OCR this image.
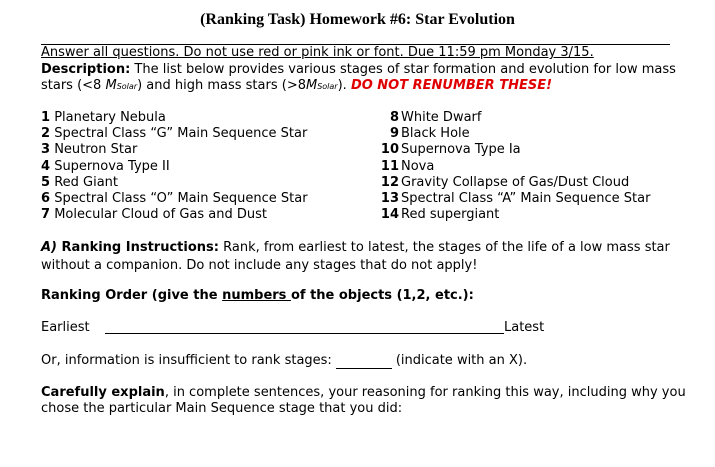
(Ranking Task) Homework #6: Star Evolution
Answer all questions. Do not use red or pink ink or font. Due 11:59 pm Monday 3/15.
Description: The list below provides various stages of star formation and evolution for low mass stars (<8 MSolar) and high mass stars (>8MSolar). DO NOT RENUMBER THESE!
1 Planetary Nebula
2 Spectral Class “G” Main Sequence Star
3 Neutron Star
4 Supernova Type II
5 Red Giant
6 Spectral Class “O” Main Sequence Star
7 Molecular Cloud of Gas and Dust
8 White Dwarf
9 Black Hole
10 Supernova Type Ia
11 Nova
12 Gravity Collapse of Gas/Dust Cloud
13 Spectral Class “A” Main Sequence Star
14 Red supergiant
A) Ranking Instructions: Rank, from earliest to latest, the stages of the life of a low mass star without a companion. Do not include any stages that do not apply!
Ranking Order (give the numbers of the objects (1,2, etc.):
Earliest	Latest
Or, information is insufficient to rank stages:	(indicate with an X).
Carefully explain, in complete sentences, your reasoning for ranking this way, including why you chose the particular Main Sequence stage that you did:
